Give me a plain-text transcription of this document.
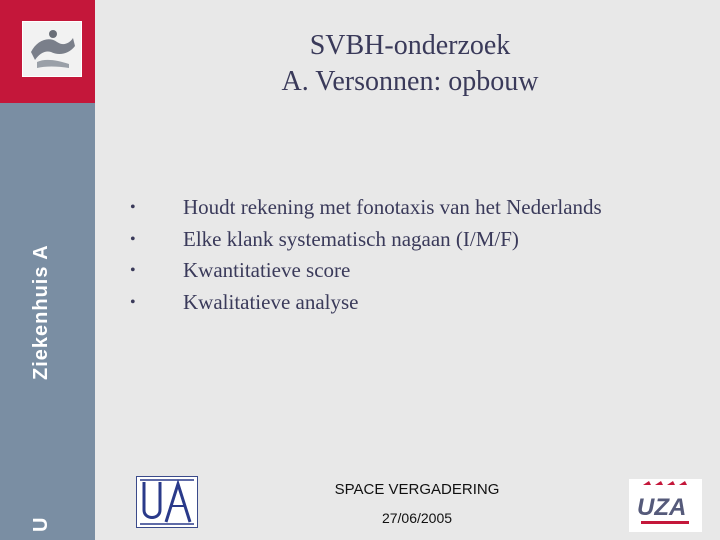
Ziekenhuis A
U
SVBH-onderzoek
A. Versonnen: opbouw
•	Houdt rekening met fonotaxis van het Nederlands
•	Elke klank systematisch nagaan (I/M/F)
•	Kwantitatieve score
•	Kwalitatieve analyse
SPACE VERGADERING
27/06/2005	UZA
